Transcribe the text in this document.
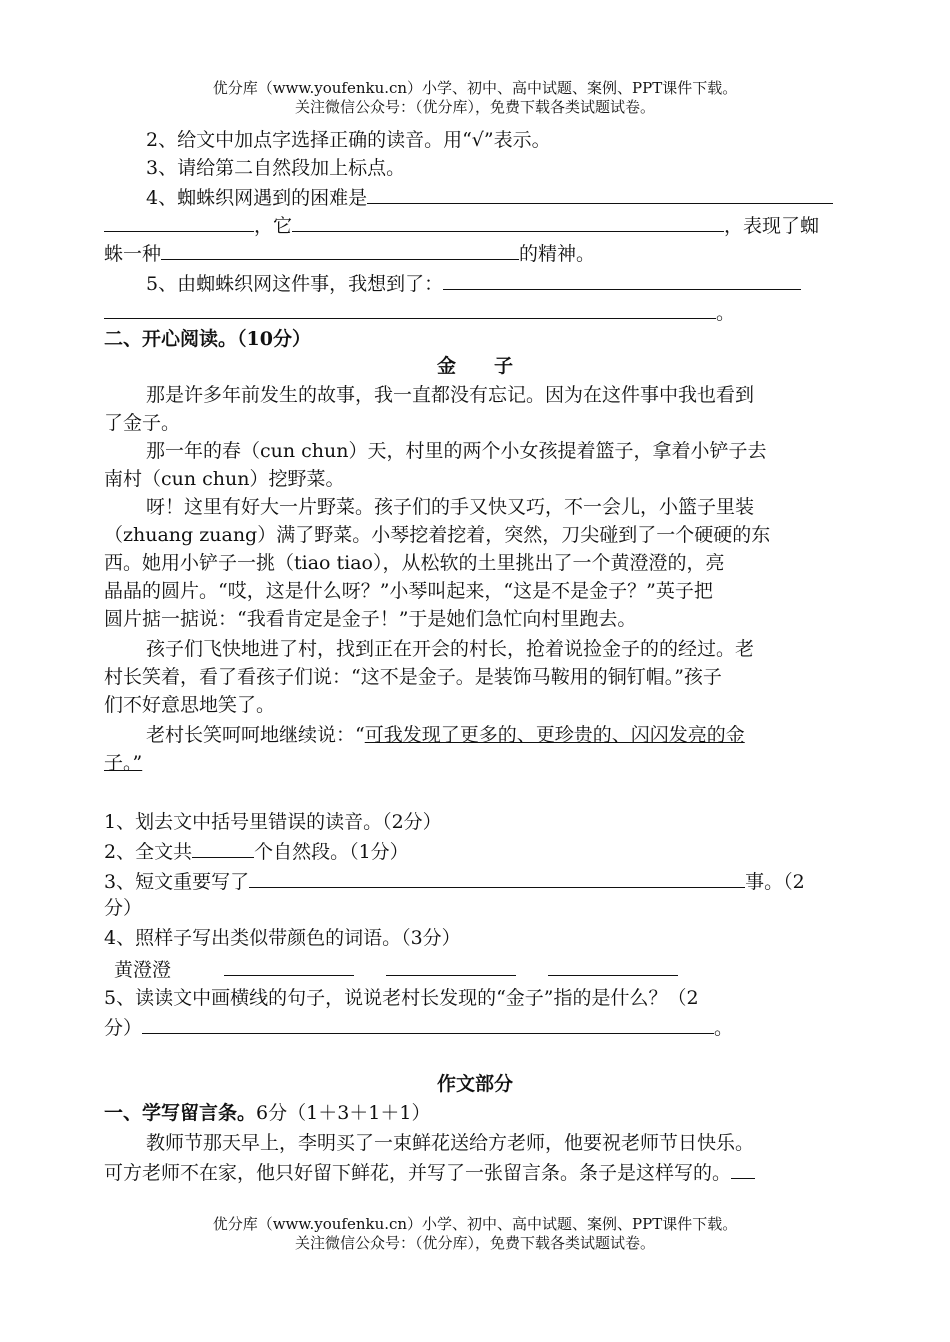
优分库（www.youfenku.cn）小学、初中、高中试题、案例、PPT课件下载。
关注微信公众号：（优分库），免费下载各类试题试卷。
2、给文中加点字选择正确的读音。用“√”表示。
3、请给第二自然段加上标点。
4、蜘蛛织网遇到的困难是
，它	，表现了蜘
蛛一种	的精神。
5、由蜘蛛织网这件事，我想到了：
。
二、开心阅读。（10分）
金　　子
那是许多年前发生的故事，我一直都没有忘记。因为在这件事中我也看到
了金子。
那一年的春（cun chun）天，村里的两个小女孩提着篮子，拿着小铲子去
南村（cun chun）挖野菜。
呀！这里有好大一片野菜。孩子们的手又快又巧，不一会儿，小篮子里装
（zhuang zuang）满了野菜。小琴挖着挖着，突然，刀尖碰到了一个硬硬的东
西。她用小铲子一挑（tiao tiao），从松软的土里挑出了一个黄澄澄的，亮
晶晶的圆片。“哎，这是什么呀？”小琴叫起来，“这是不是金子？”英子把
圆片掂一掂说：“我看肯定是金子！”于是她们急忙向村里跑去。
孩子们飞快地进了村，找到正在开会的村长，抢着说捡金子的的经过。老
村长笑着，看了看孩子们说：“这不是金子。是装饰马鞍用的铜钉帽。”孩子
们不好意思地笑了。
老村长笑呵呵地继续说：“可我发现了更多的、更珍贵的、闪闪发亮的金
子。”
1、划去文中括号里错误的读音。（2分）
2、全文共	个自然段。（1分）
3、短文重要写了	事。（2
分）
4、照样子写出类似带颜色的词语。（3分）
黄澄澄
5、读读文中画横线的句子，说说老村长发现的“金子”指的是什么？（2
分）	。
作文部分
一、学写留言条。6分（1＋3＋1＋1）
教师节那天早上，李明买了一束鲜花送给方老师，他要祝老师节日快乐。
可方老师不在家，他只好留下鲜花，并写了一张留言条。条子是这样写的。
优分库（www.youfenku.cn）小学、初中、高中试题、案例、PPT课件下载。
关注微信公众号：（优分库），免费下载各类试题试卷。
